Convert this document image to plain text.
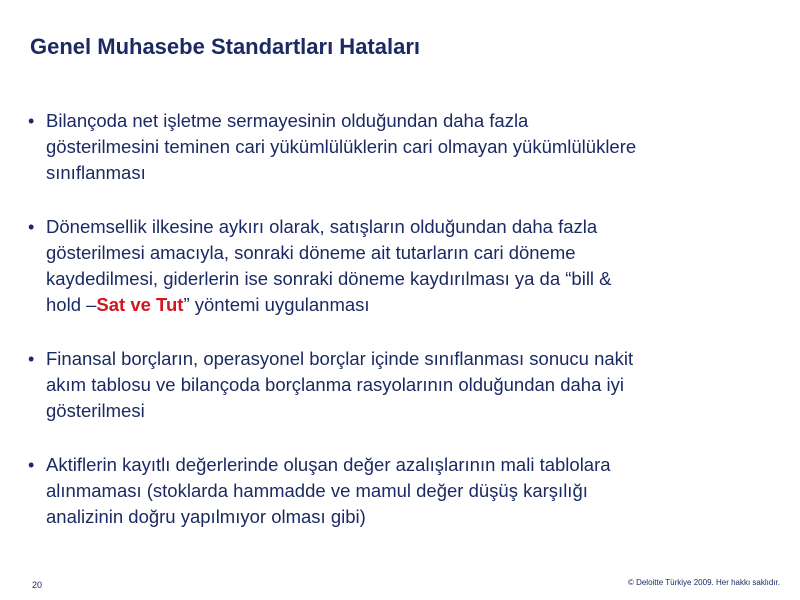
Genel Muhasebe Standartları Hataları
• Bilançoda net işletme sermayesinin olduğundan daha fazla
gösterilmesini teminen cari yükümlülüklerin cari olmayan yükümlülüklere
sınıflanması
• Dönemsellik ilkesine aykırı olarak, satışların olduğundan daha fazla
gösterilmesi amacıyla, sonraki döneme ait tutarların cari döneme
kaydedilmesi, giderlerin ise sonraki döneme kaydırılması ya da “bill &
hold –Sat ve Tut” yöntemi uygulanması
• Finansal borçların, operasyonel borçlar içinde sınıflanması sonucu nakit
akım tablosu ve bilançoda borçlanma rasyolarının olduğundan daha iyi
gösterilmesi
• Aktiflerin kayıtlı değerlerinde oluşan değer azalışlarının mali tablolara
alınmaması (stoklarda hammadde ve mamul değer düşüş karşılığı
analizinin doğru yapılmıyor olması gibi)
20	© Deloitte Türkiye 2009. Her hakkı saklıdır.
